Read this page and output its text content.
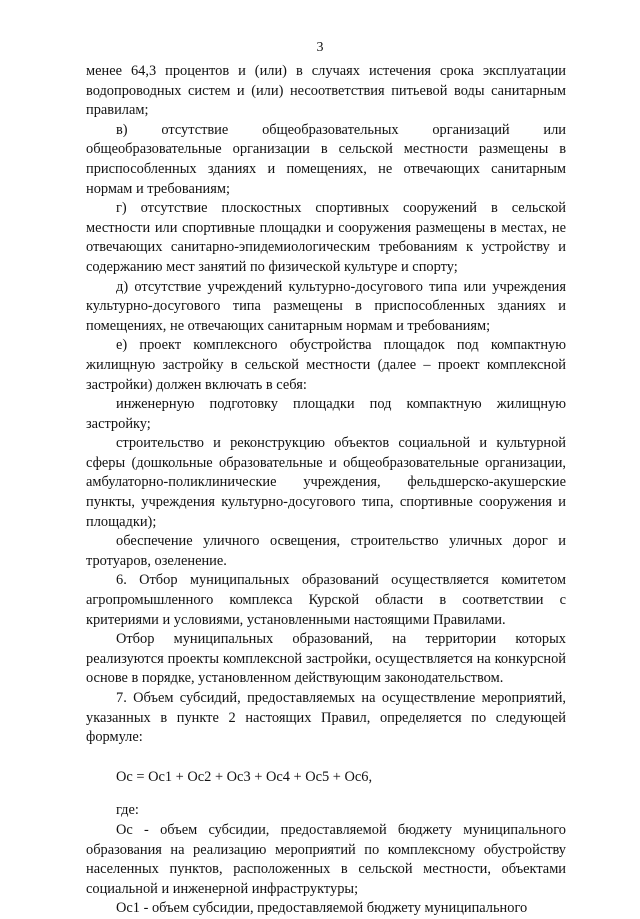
3

менее 64,3 процентов и (или) в случаях истечения срока эксплуатации водопроводных систем и (или) несоответствия питьевой воды санитарным правилам;

в) отсутствие общеобразовательных организаций или общеобразовательные организации в сельской местности размещены в приспособленных зданиях и помещениях, не отвечающих санитарным нормам и требованиям;

г) отсутствие плоскостных спортивных сооружений в сельской местности или спортивные площадки и сооружения размещены в местах, не отвечающих санитарно-эпидемиологическим требованиям к устройству и содержанию мест занятий по физической культуре и спорту;

д) отсутствие учреждений культурно-досугового типа или учреждения культурно-досугового типа размещены в приспособленных зданиях и помещениях, не отвечающих санитарным нормам и требованиям;

е) проект комплексного обустройства площадок под компактную жилищную застройку в сельской местности (далее – проект комплексной застройки) должен включать в себя:

инженерную подготовку площадки под компактную жилищную застройку;

строительство и реконструкцию объектов социальной и культурной сферы (дошкольные образовательные и общеобразовательные организации, амбулаторно-поликлинические учреждения, фельдшерско-акушерские пункты, учреждения культурно-досугового типа, спортивные сооружения и площадки);

обеспечение уличного освещения, строительство уличных дорог и тротуаров, озеленение.

6. Отбор муниципальных образований осуществляется комитетом агропромышленного комплекса Курской области в соответствии с критериями и условиями, установленными настоящими Правилами.

Отбор муниципальных образований, на территории которых реализуются проекты комплексной застройки, осуществляется на конкурсной основе в порядке, установленном действующим законодательством.

7. Объем субсидий, предоставляемых на осуществление мероприятий, указанных в пункте 2 настоящих Правил, определяется по следующей формуле:

Ос = Ос1 + Ос2 + Ос3 + Ос4 + Ос5 + Ос6,

где:

Ос - объем субсидии, предоставляемой бюджету муниципального образования на реализацию мероприятий по комплексному обустройству населенных пунктов, расположенных в сельской местности, объектами социальной и инженерной инфраструктуры;

Ос1 - объем субсидии, предоставляемой бюджету муниципального
